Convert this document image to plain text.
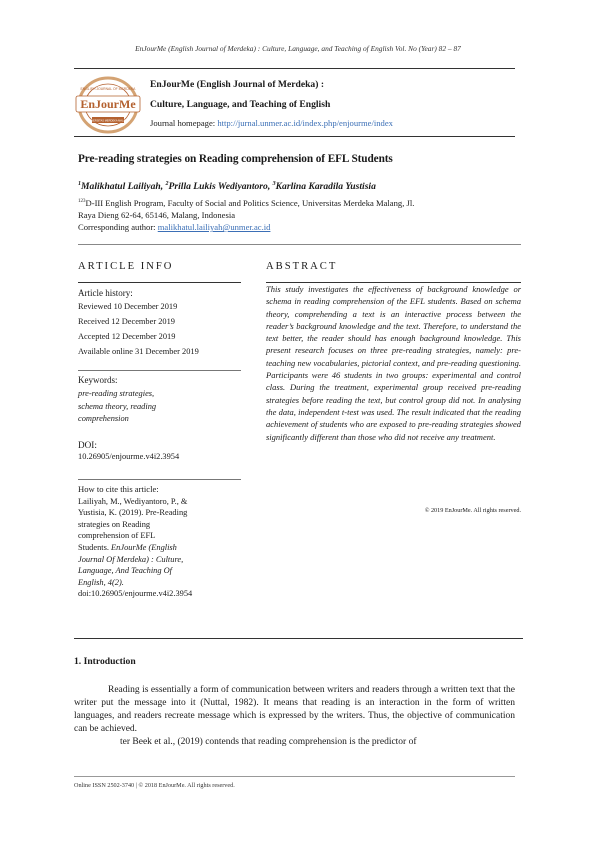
EnJourMe (English Journal of Merdeka) : Culture, Language, and Teaching of English Vol. No (Year) 82 – 87
EnJourMe
ENGLISH JOURNAL OF MERDEKA
UNIVERSITAS MERDEKA MALANG
EnJourMe (English Journal of Merdeka) :
Culture, Language, and Teaching of English
Journal homepage: http://jurnal.unmer.ac.id/index.php/enjourme/index
Pre-reading strategies on Reading comprehension of EFL Students
$^1$Malikhatul Lailiyah, $^2$Prilla Lukis Wediyantoro, $^3$Karlina Karadila Yustisia
$^{123}$D-III English Program, Faculty of Social and Politics Science, Universitas Merdeka Malang, Jl.
Raya Dieng 62-64, 65146, Malang, Indonesia
Corresponding author: malikhatul.lailiyah@unmer.ac.id
ARTICLE INFO	ABSTRACT
Article history:
Reviewed 10 December 2019
Received 12 December 2019
Accepted 12 December 2019
Available online 31 December 2019
Keywords:
pre-reading strategies,
schema theory, reading
comprehension
DOI:
10.26905/enjourme.v4i2.3954
How to cite this article:
Lailiyah, M., Wediyantoro, P., &
Yustisia, K. (2019). Pre-Reading
strategies on Reading
comprehension of EFL
Students. EnJourMe (English
Journal Of Merdeka) : Culture,
Language, And Teaching Of
English, 4(2).
doi:10.26905/enjourme.v4i2.3954
This study investigates the effectiveness of background knowledge or schema in reading comprehension of the EFL students. Based on schema theory, comprehending a text is an interactive process between the reader’s background knowledge and the text. Therefore, to understand the text better, the reader should has enough background knowledge. This present research focuses on three pre-reading strategies, namely: pre-teaching new vocabularies, pictorial context, and pre-reading questioning. Participants were 46 students in two groups: experimental and control class. During the treatment, experimental group received pre-reading strategies before reading the text, but control group did not. In analysing the data, independent t-test was used. The result indicated that the reading achievement of students who are exposed to pre-reading strategies showed significantly different than those who did not receive any treatment.
© 2019 EnJourMe. All rights reserved.
1. Introduction
Reading is essentially a form of communication between writers and readers through a written text that the writer put the message into it (Nuttal, 1982). It means that reading is an interaction in the form of written languages, and readers recreate message which is expressed by the writers. Thus, the objective of communication can be achieved.
ter Beek et al., (2019) contends that reading comprehension is the predictor of
Online ISSN 2502-3740 | © 2018 EnJourMe. All rights reserved.
